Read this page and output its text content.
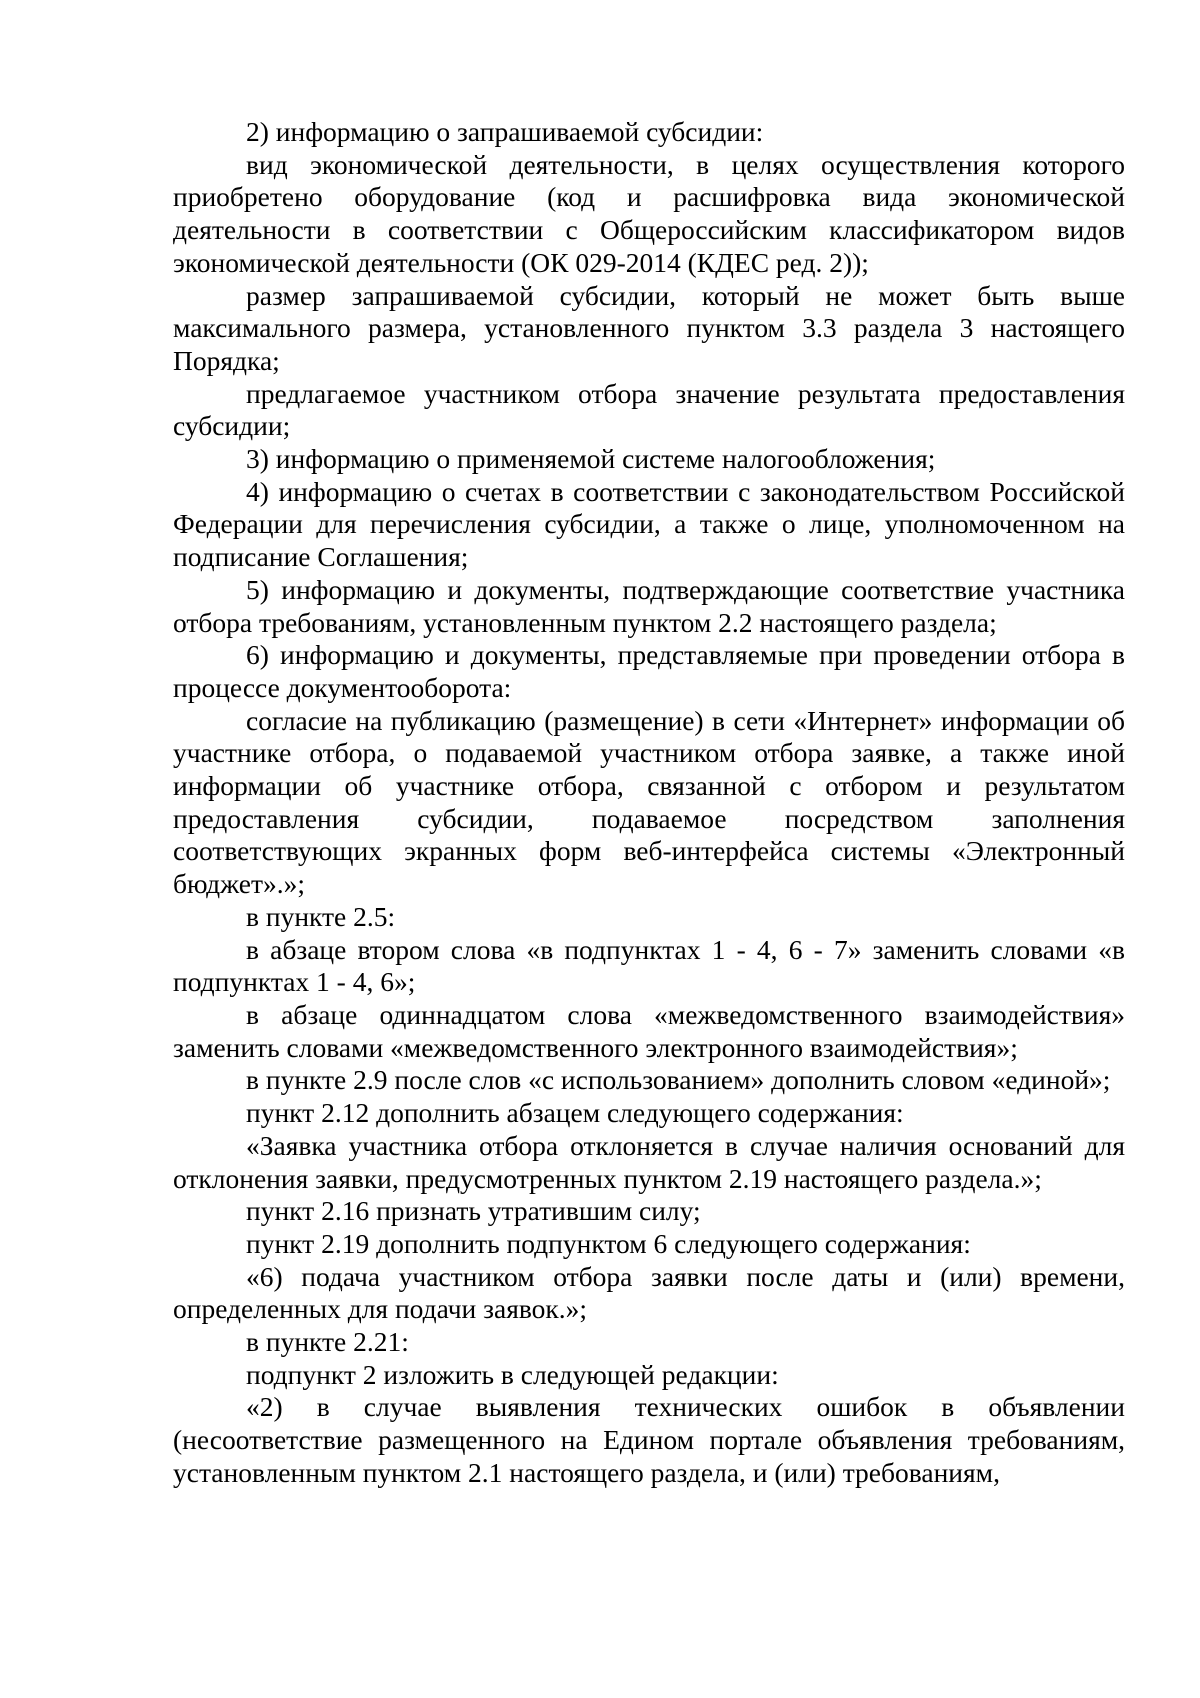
2) информацию о запрашиваемой субсидии:

вид экономической деятельности, в целях осуществления которого приобретено оборудование (код и расшифровка вида экономической деятельности в соответствии с Общероссийским классификатором видов экономической деятельности (ОК 029-2014 (КДЕС ред. 2));

размер запрашиваемой субсидии, который не может быть выше максимального размера, установленного пунктом 3.3 раздела 3 настоящего Порядка;

предлагаемое участником отбора значение результата предоставления субсидии;

3) информацию о применяемой системе налогообложения;

4) информацию о счетах в соответствии с законодательством Российской Федерации для перечисления субсидии, а также о лице, уполномоченном на подписание Соглашения;

5) информацию и документы, подтверждающие соответствие участника отбора требованиям, установленным пунктом 2.2 настоящего раздела;

6) информацию и документы, представляемые при проведении отбора в процессе документооборота:

согласие на публикацию (размещение) в сети «Интернет» информации об участнике отбора, о подаваемой участником отбора заявке, а также иной информации об участнике отбора, связанной с отбором и результатом предоставления субсидии, подаваемое посредством заполнения соответствующих экранных форм веб-интерфейса системы «Электронный бюджет».»;

в пункте 2.5:

в абзаце втором слова «в подпунктах 1 - 4, 6 - 7» заменить словами «в подпунктах 1 - 4, 6»;

в абзаце одиннадцатом слова «межведомственного взаимодействия» заменить словами «межведомственного электронного взаимодействия»;

в пункте 2.9 после слов «с использованием» дополнить словом «единой»;

пункт 2.12 дополнить абзацем следующего содержания:

«Заявка участника отбора отклоняется в случае наличия оснований для отклонения заявки, предусмотренных пунктом 2.19 настоящего раздела.»;

пункт 2.16 признать утратившим силу;

пункт 2.19 дополнить подпунктом 6 следующего содержания:

«6) подача участником отбора заявки после даты и (или) времени, определенных для подачи заявок.»;

в пункте 2.21:

подпункт 2 изложить в следующей редакции:

«2) в случае выявления технических ошибок в объявлении (несоответствие размещенного на Едином портале объявления требованиям, установленным пунктом 2.1 настоящего раздела, и (или) требованиям,
